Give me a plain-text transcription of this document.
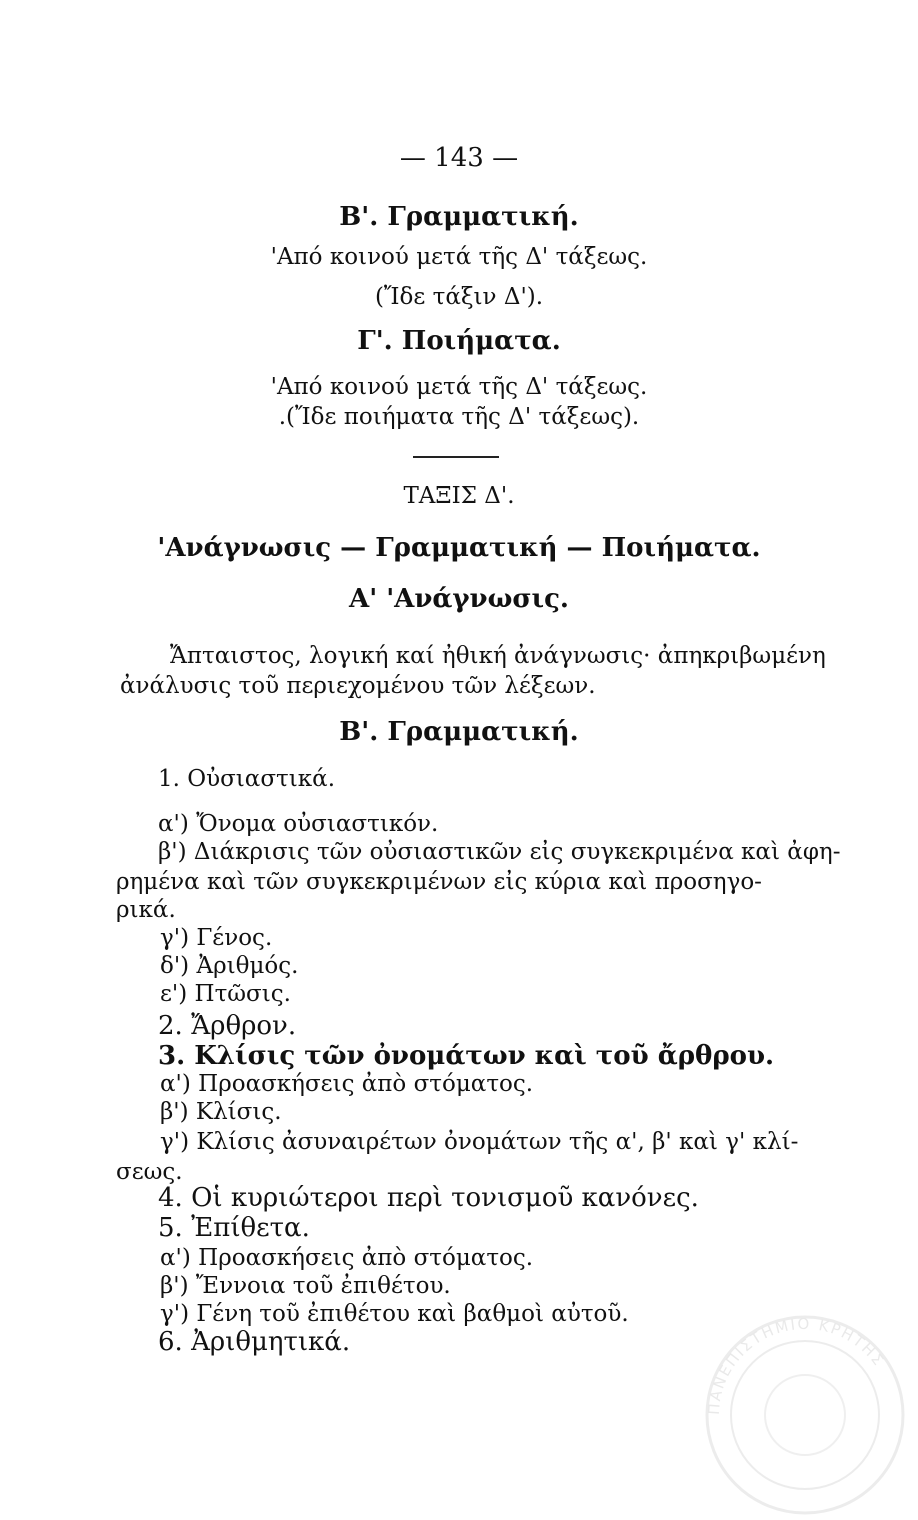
— 143 —
Β'. Γραμματική.
'Από κοινού μετά τῆς Δ' τάξεως.
(Ἴδε τάξιν Δ').
Γ'. Ποιήματα.
'Από κοινού μετά τῆς Δ' τάξεως.
.(Ἴδε ποιήματα τῆς Δ' τάξεως).
ΤΑΞΙΣ Δ'.
'Ανάγνωσις — Γραμματική — Ποιήματα.
Α' 'Ανάγνωσις.
Ἄπταιστος, λογική καί ἠθική ἀνάγνωσις· ἀπηκριβωμένη
ἀνάλυσις τοῦ περιεχομένου τῶν λέξεων.
Β'. Γραμματική.
1. Οὐσιαστικά.
α') Ὄνομα οὐσιαστικόν.
β') Διάκρισις τῶν οὐσιαστικῶν εἰς συγκεκριμένα καὶ ἀφη-
ρημένα καὶ τῶν συγκεκριμένων εἰς κύρια καὶ προσηγο-
ρικά.
γ') Γένος.
δ') Ἀριθμός.
ε') Πτῶσις.
2. Ἄρθρον.
3. Κλίσις τῶν ὀνομάτων καὶ τοῦ ἄρθρου.
α') Προασκήσεις ἀπὸ στόματος.
β') Κλίσις.
γ') Κλίσις ἀσυναιρέτων ὀνομάτων τῆς α', β' καὶ γ' κλί-
σεως.
4. Οἱ κυριώτεροι περὶ τονισμοῦ κανόνες.
5. Ἐπίθετα.
α') Προασκήσεις ἀπὸ στόματος.
β') Ἔννοια τοῦ ἐπιθέτου.
γ') Γένη τοῦ ἐπιθέτου καὶ βαθμοὶ αὐτοῦ.
6. Ἀριθμητικά.
ΠΑΝΕΠΙΣΤΗΜΙΟ ΚΡΗΤΗΣ
